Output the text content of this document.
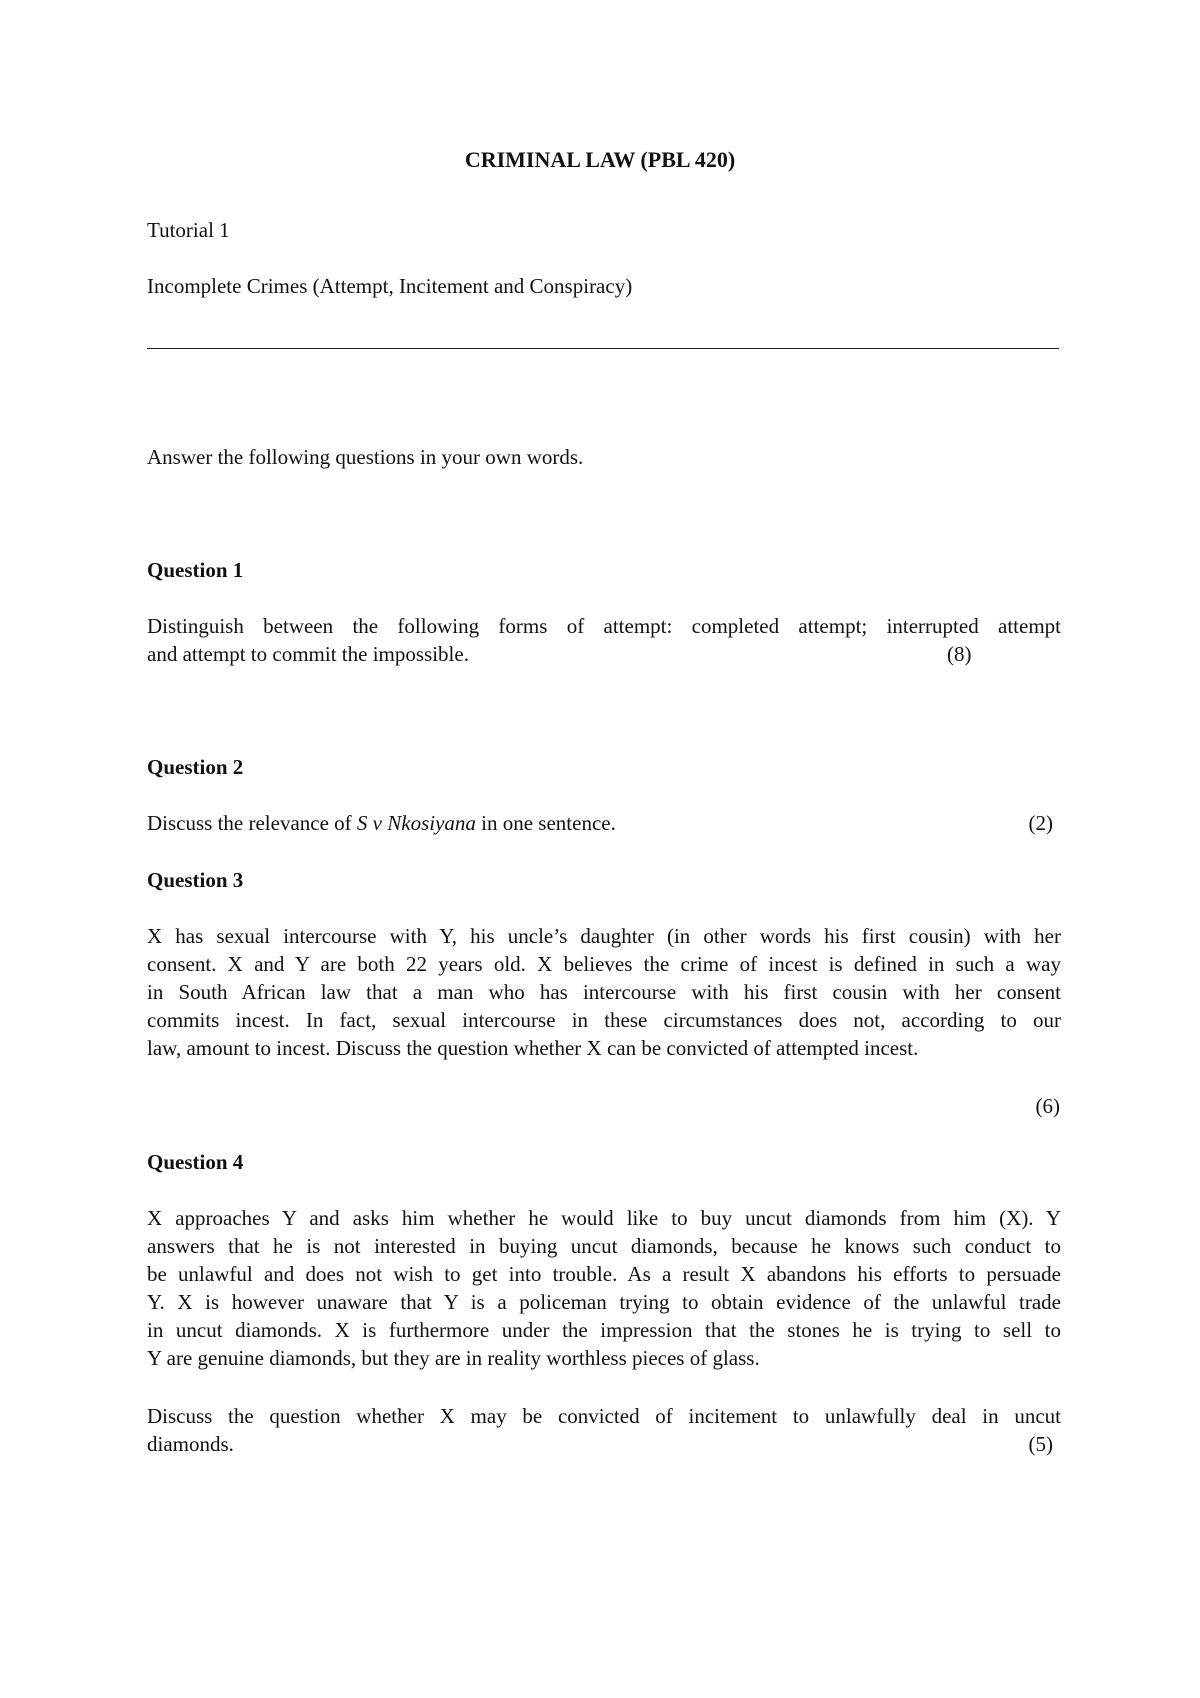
CRIMINAL LAW (PBL 420)
Tutorial 1
Incomplete Crimes (Attempt, Incitement and Conspiracy)
Answer the following questions in your own words.
Question 1
Distinguish between the following forms of attempt: completed attempt; interrupted attempt
and attempt to commit the impossible.	(8)
Question 2
Discuss the relevance of S v Nkosiyana in one sentence.	(2)
Question 3
X has sexual intercourse with Y, his uncle’s daughter (in other words his first cousin) with her
consent. X and Y are both 22 years old. X believes the crime of incest is defined in such a way
in South African law that a man who has intercourse with his first cousin with her consent
commits incest. In fact, sexual intercourse in these circumstances does not, according to our
law, amount to incest. Discuss the question whether X can be convicted of attempted incest.
(6)
Question 4
X approaches Y and asks him whether he would like to buy uncut diamonds from him (X). Y
answers that he is not interested in buying uncut diamonds, because he knows such conduct to
be unlawful and does not wish to get into trouble. As a result X abandons his efforts to persuade
Y. X is however unaware that Y is a policeman trying to obtain evidence of the unlawful trade
in uncut diamonds. X is furthermore under the impression that the stones he is trying to sell to
Y are genuine diamonds, but they are in reality worthless pieces of glass.
Discuss the question whether X may be convicted of incitement to unlawfully deal in uncut
diamonds.	(5)
